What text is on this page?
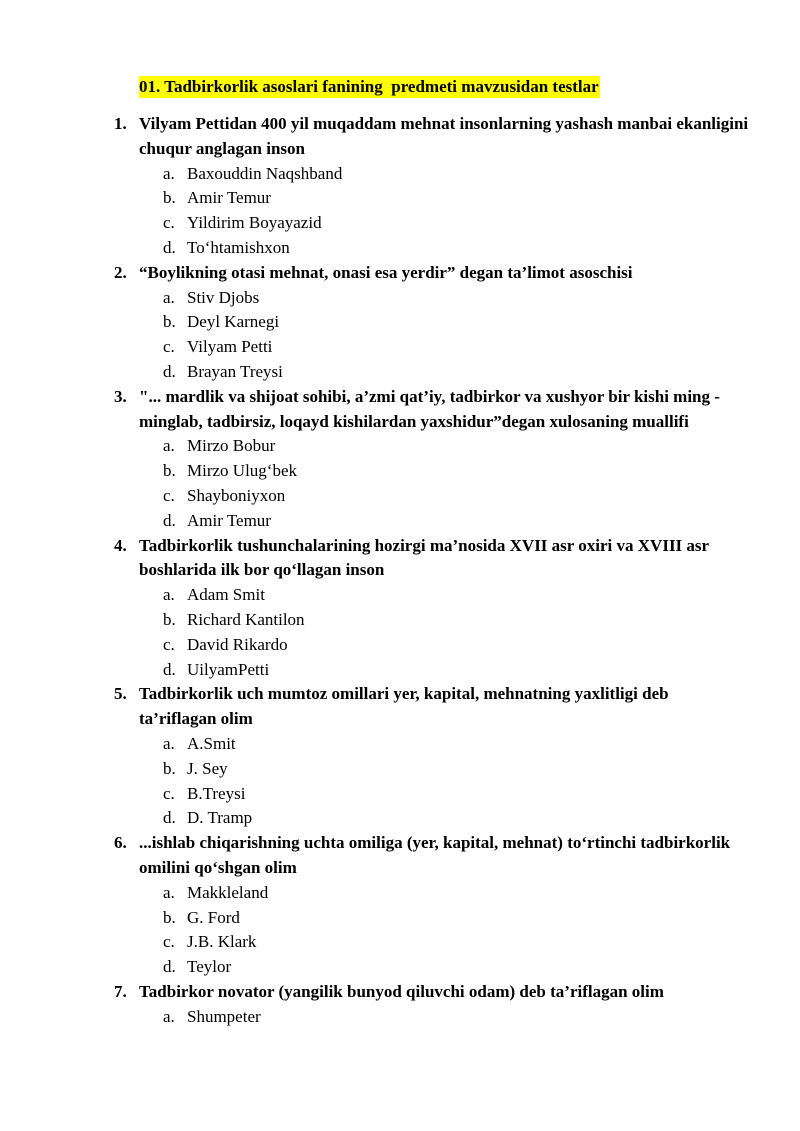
01. Tadbirkorlik asoslari fanining  predmeti mavzusidan testlar
1. Vilyam Pettidan 400 yil muqaddam mehnat insonlarning yashash manbai ekanligini chuqur anglagan inson
a. Baxouddin Naqshband
b. Amir Temur
c. Yildirim Boyayazid
d. To‘htamishxon
2. “Boylikning otasi mehnat, onasi esa yerdir” degan ta’limot asoschisi
a. Stiv Djobs
b. Deyl Karnegi
c. Vilyam Petti
d. Brayan Treysi
3. "... mardlik va shijoat sohibi, a’zmi qat’iy, tadbirkor va xushyor bir kishi ming - minglab, tadbirsiz, loqayd kishilardan yaxshidur”degan xulosaning muallifi
a. Mirzo Bobur
b. Mirzo Ulug‘bek
c. Shayboniyxon
d. Amir Temur
4. Tadbirkorlik tushunchalarining hozirgi ma’nosida XVII asr oxiri va XVIII asr boshlarida ilk bor qo‘llagan inson
a. Adam Smit
b. Richard Kantilon
c. David Rikardo
d. UilyamPetti
5. Tadbirkorlik uch mumtoz omillari yer, kapital, mehnatning yaxlitligi deb ta’riflagan olim
a. A.Smit
b. J. Sey
c. B.Treysi
d. D. Tramp
6. ...ishlab chiqarishning uchta omiliga (yer, kapital, mehnat) to‘rtinchi tadbirkorlik omilini qo‘shgan olim
a. Makkleland
b. G. Ford
c. J.B. Klark
d. Teylor
7. Tadbirkor novator (yangilik bunyod qiluvchi odam) deb ta’riflagan olim
a. Shumpeter
